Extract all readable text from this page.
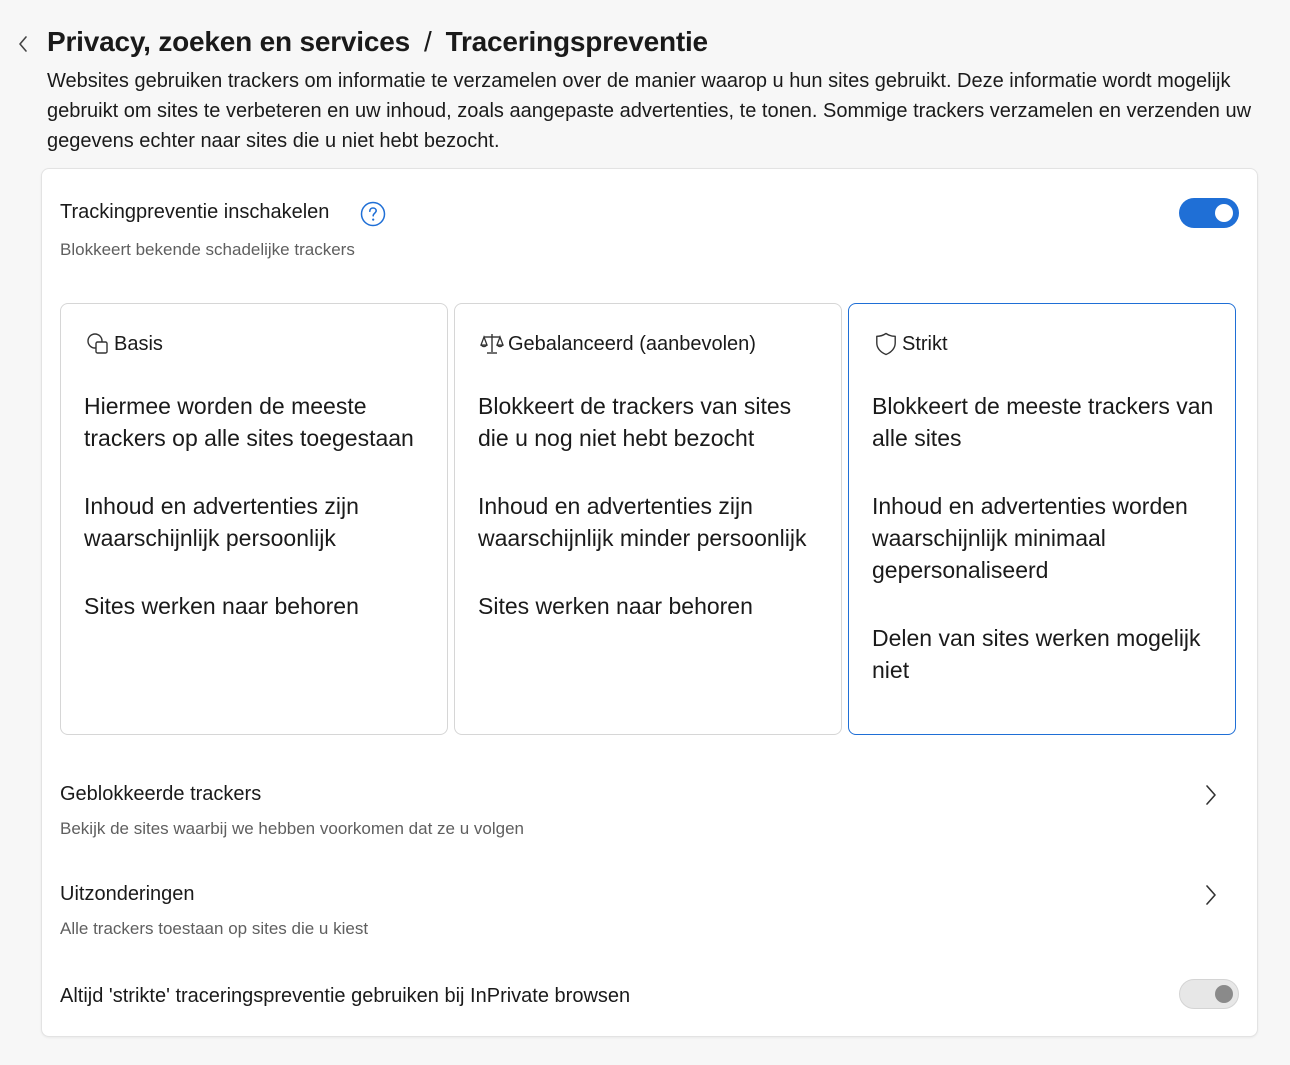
Privacy, zoeken en services / Traceringspreventie
Websites gebruiken trackers om informatie te verzamelen over de manier waarop u hun sites gebruikt. Deze informatie wordt mogelijk gebruikt om sites te verbeteren en uw inhoud, zoals aangepaste advertenties, te tonen. Sommige trackers verzamelen en verzenden uw gegevens echter naar sites die u niet hebt bezocht.
Trackingpreventie inschakelen
Blokkeert bekende schadelijke trackers
Basis
Hiermee worden de meeste trackers op alle sites toegestaan
Inhoud en advertenties zijn waarschijnlijk persoonlijk
Sites werken naar behoren
Gebalanceerd (aanbevolen)
Blokkeert de trackers van sites die u nog niet hebt bezocht
Inhoud en advertenties zijn waarschijnlijk minder persoonlijk
Sites werken naar behoren
Strikt
Blokkeert de meeste trackers van alle sites
Inhoud en advertenties worden waarschijnlijk minimaal gepersonaliseerd
Delen van sites werken mogelijk niet
Geblokkeerde trackers
Bekijk de sites waarbij we hebben voorkomen dat ze u volgen
Uitzonderingen
Alle trackers toestaan op sites die u kiest
Altijd 'strikte' traceringspreventie gebruiken bij InPrivate browsen
